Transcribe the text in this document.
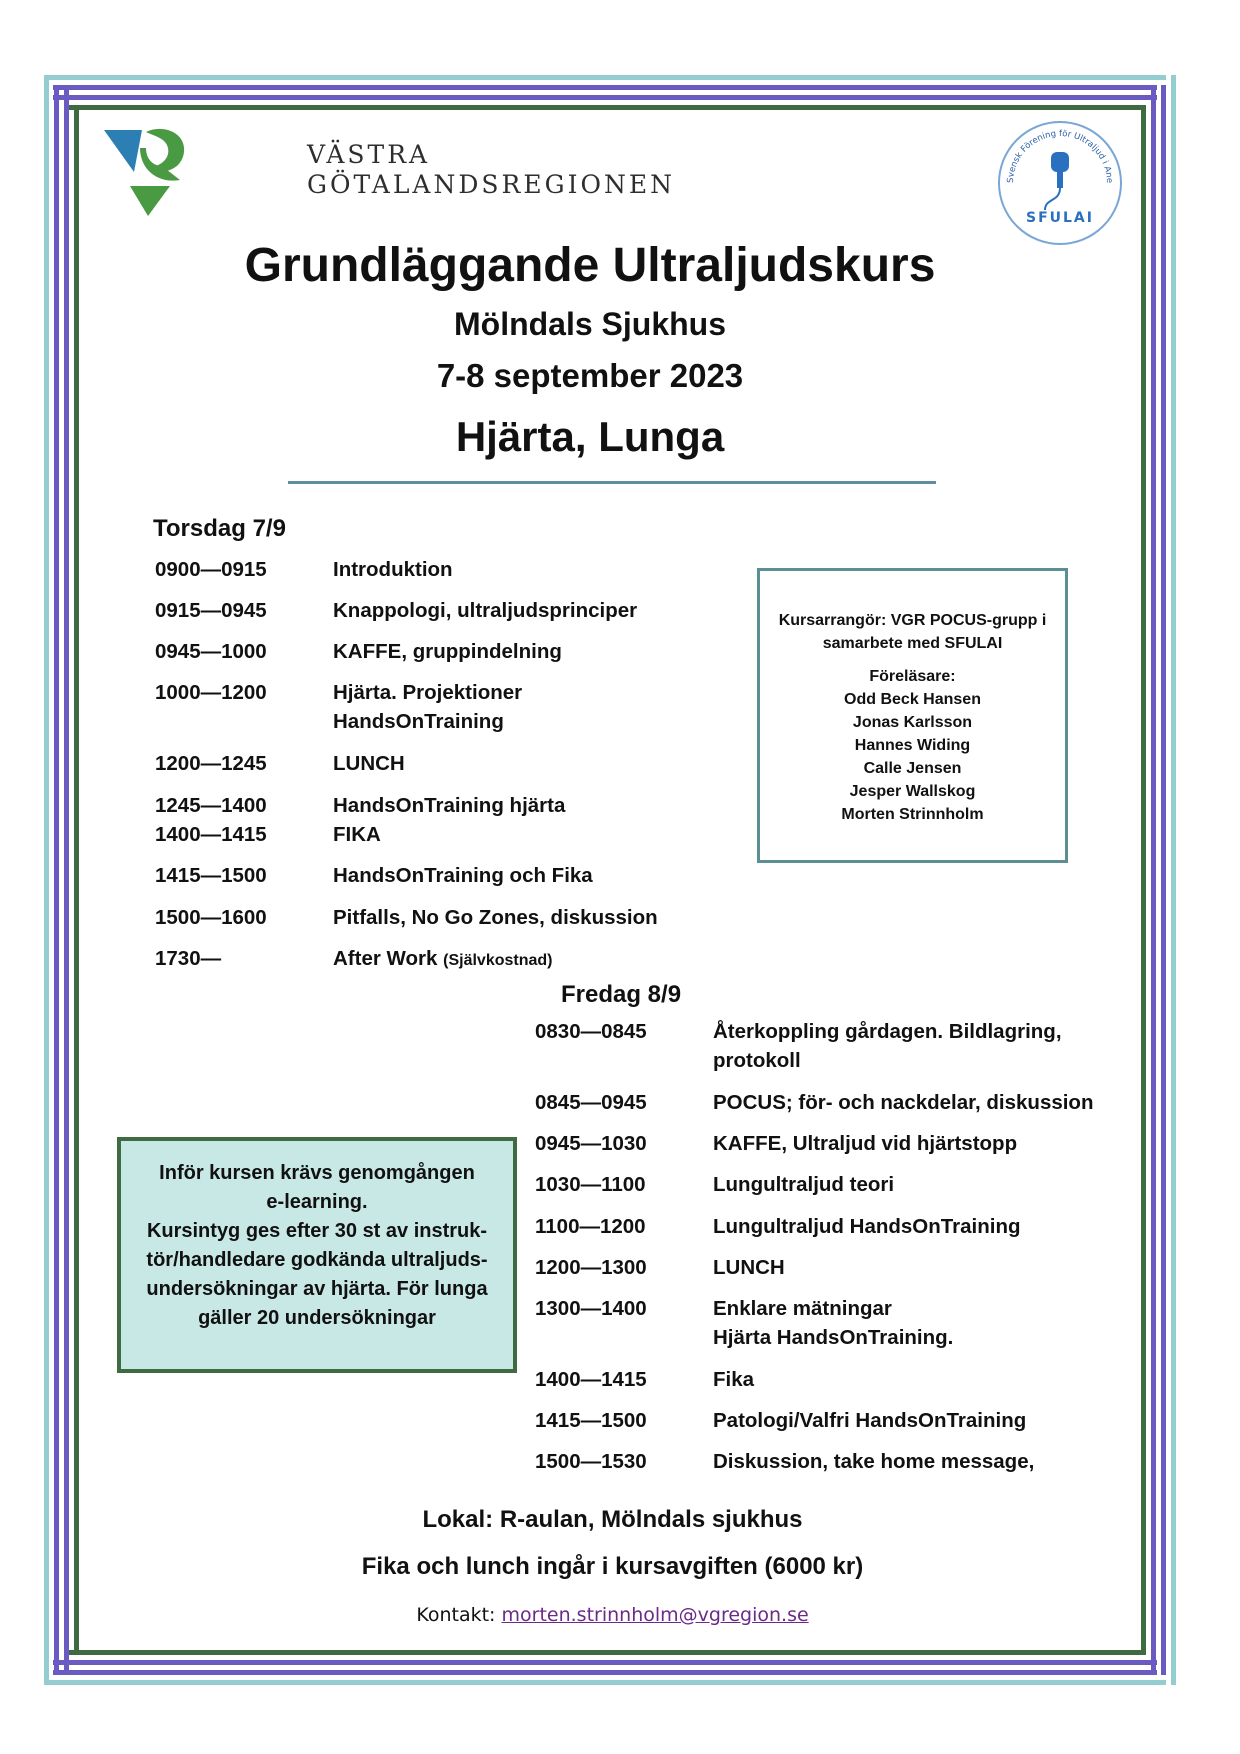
VÄSTRA
GÖTALANDSREGIONEN	Svensk Förening för Ultraljud i Ane
SFULAI
Grundläggande Ultraljudskurs
Mölndals Sjukhus
7-8 september 2023
Hjärta, Lunga
Torsdag 7/9
0900—0915	Introduktion
0915—0945	Knappologi, ultraljudsprinciper
0945—1000	KAFFE, gruppindelning
1000—1200	Hjärta. Projektioner
HandsOnTraining
1200—1245	LUNCH
1245—1400	HandsOnTraining hjärta
1400—1415	FIKA
1415—1500	HandsOnTraining och Fika
1500—1600	Pitfalls, No Go Zones, diskussion
1730—	After Work (Självkostnad)
Kursarrangör: VGR POCUS-grupp i
samarbete med SFULAI
Föreläsare:
Odd Beck Hansen
Jonas Karlsson
Hannes Widing
Calle Jensen
Jesper Wallskog
Morten Strinnholm
Fredag 8/9
0830—0845	Återkoppling gårdagen. Bildlagring,
protokoll
0845—0945	POCUS; för- och nackdelar, diskussion
0945—1030	KAFFE, Ultraljud vid hjärtstopp
1030—1100	Lungultraljud teori
1100—1200	Lungultraljud HandsOnTraining
1200—1300	LUNCH
1300—1400	Enklare mätningar
Hjärta HandsOnTraining.
1400—1415	Fika
1415—1500	Patologi/Valfri HandsOnTraining
1500—1530	Diskussion, take home message,
Inför kursen krävs genomgången
e-learning.
Kursintyg ges efter 30 st av instruk-
tör/handledare godkända ultraljuds-
undersökningar av hjärta. För lunga
gäller 20 undersökningar
Lokal: R-aulan, Mölndals sjukhus
Fika och lunch ingår i kursavgiften (6000 kr)
Kontakt: morten.strinnholm@vgregion.se
